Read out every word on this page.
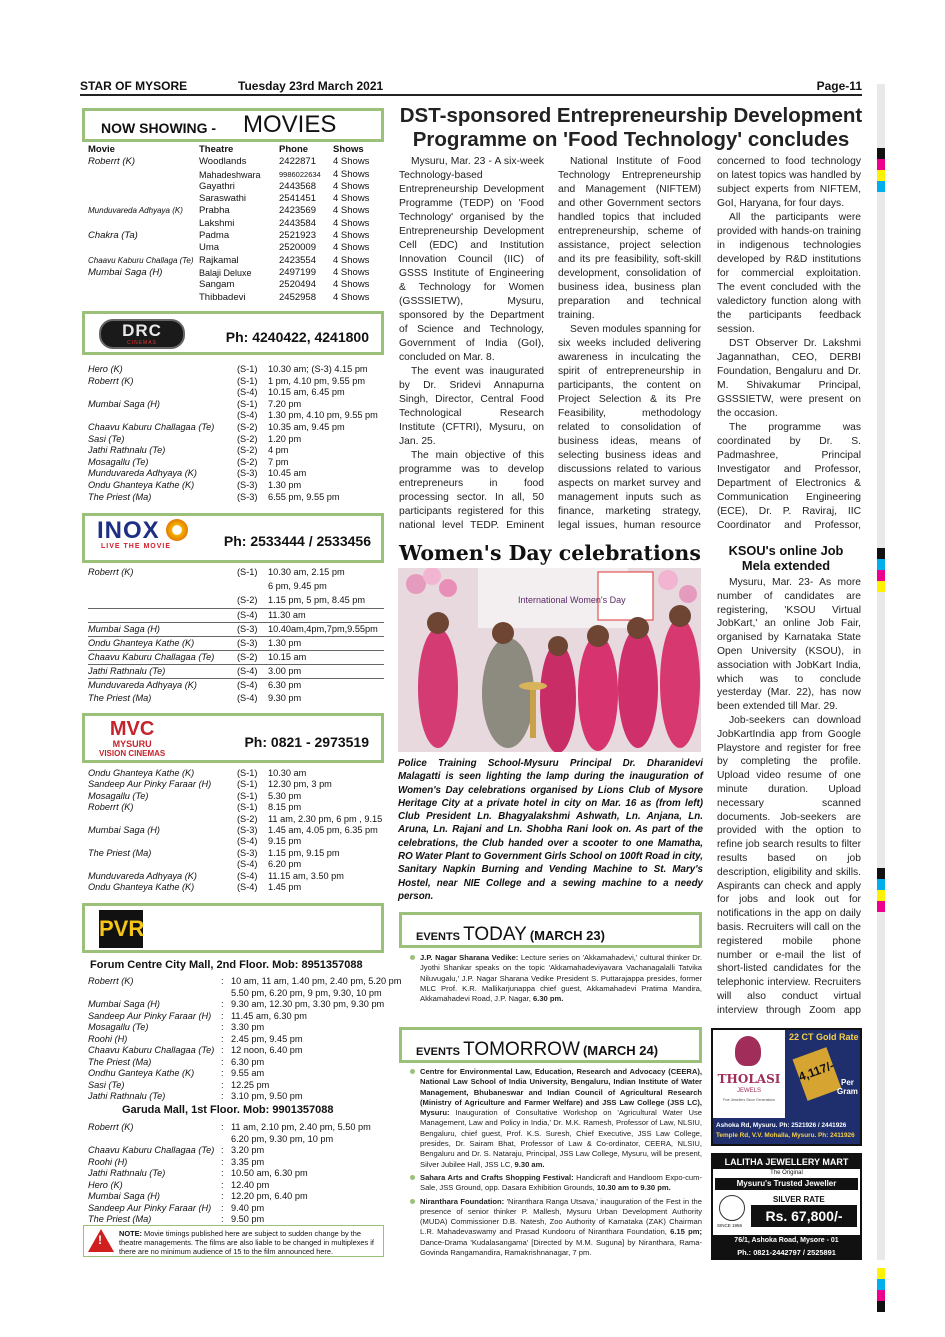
STAR OF MYSORE	Tuesday 23rd March 2021	Page-11
NOW SHOWING - MOVIES
Movie	Theatre	Phone	Shows
Roberrt (K)	Woodlands	2422871	4 Shows
	Mahadeshwara	9986022634	4 Shows
	Gayathri	2443568	4 Shows
	Saraswathi	2541451	4 Shows
Munduvareda Adhyaya (K)	Prabha	2423569	4 Shows
	Lakshmi	2443584	4 Shows
Chakra (Ta)	Padma	2521923	4 Shows
	Uma	2520009	4 Shows
Chaavu Kaburu Challaga (Te)	Rajkamal	2423554	4 Shows
Mumbai Saga (H)	Balaji Deluxe	2497199	4 Shows
	Sangam	2520494	4 Shows
	Thibbadevi	2452958	4 Shows
DRC
CINEMAS	Ph: 4240422, 4241800
Hero (K)	(S-1) 10.30 am; (S-3) 4.15 pm
Roberrt (K)	(S-1) 1 pm, 4.10 pm, 9.55 pm
(S-4) 10.15 am, 6.45 pm
Mumbai Saga (H)	(S-1) 7.20 pm
(S-4) 1.30 pm, 4.10 pm, 9.55 pm
Chaavu Kaburu Challagaa (Te) (S-2) 10.35 am, 9.45 pm
Sasi (Te)	(S-2) 1.20 pm
Jathi Rathnalu (Te)	(S-2) 4 pm
Mosagallu (Te)	(S-2) 7 pm
Munduvareda Adhyaya (K)	(S-3) 10.45 am
Ondu Ghanteya Kathe (K)	(S-3) 1.30 pm
The Priest (Ma)	(S-3) 6.55 pm, 9.55 pm
INOX
LIVE THE MOVIE	Ph: 2533444 / 2533456
Roberrt (K)	(S-1) 10.30 am, 2.15 pm
6 pm, 9.45 pm
(S-2) 1.15 pm, 5 pm, 8.45 pm
(S-4) 11.30 am
Mumbai Saga (H)	(S-3) 10.40am,4pm,7pm,9.55pm
Ondu Ghanteya Kathe (K)	(S-3) 1.30 pm
Chaavu Kaburu Challagaa (Te) (S-2) 10.15 am
Jathi Rathnalu (Te)	(S-4) 3.00 pm
Munduvareda Adhyaya (K)	(S-4) 6.30 pm
The Priest (Ma)	(S-4) 9.30 pm
MVC
MYSURU
VISION CINEMAS
Ph: 0821 - 2973519
Ondu Ghanteya Kathe (K)	(S-1) 10.30 am
Sandeep Aur Pinky Faraar (H)	(S-1) 12.30 pm, 3 pm
Mosagallu (Te)	(S-1) 5.30 pm
Roberrt (K)	(S-1) 8.15 pm
(S-2) 11 am, 2.30 pm, 6 pm , 9.15
Mumbai Saga (H)	(S-3) 1.45 am, 4.05 pm, 6.35 pm
(S-4) 9.15 pm
The Priest (Ma)	(S-3) 1.15 pm, 9.15 pm
(S-4) 6.20 pm
Munduvareda Adhyaya (K)	(S-4) 11.15 am, 3.50 pm
Ondu Ghanteya Kathe (K)	(S-4) 1.45 pm
PVR
Forum Centre City Mall, 2nd Floor. Mob: 8951357088
Roberrt (K)	: 10 am, 11 am, 1.40 pm, 2.40 pm, 5.20 pm
5.50 pm, 6.20 pm, 9 pm, 9.30, 10 pm
Mumbai Saga (H)	: 9.30 am, 12.30 pm, 3.30 pm, 9.30 pm
Sandeep Aur Pinky Faraar (H) : 11.45 am, 6.30 pm
Mosagallu (Te)	: 3.30 pm
Roohi (H)	: 2.45 pm, 9.45 pm
Chaavu Kaburu Challagaa (Te) : 12 noon, 6.40 pm
The Priest (Ma)	: 6.30 pm
Ondhu Ganteya Kathe (K)	: 9.55 am
Sasi (Te)	: 12.25 pm
Jathi Rathnalu (Te)	: 3.10 pm, 9.50 pm
Garuda Mall, 1st Floor. Mob: 9901357088
Roberrt (K)	: 11 am, 2.10 pm, 2.40 pm, 5.50 pm
6.20 pm, 9.30 pm, 10 pm
Chaavu Kaburu Challagaa (Te) : 3.20 pm
Roohi (H)	: 3.35 pm
Jathi Rathnalu (Te)	: 10.50 am, 6.30 pm
Hero (K)	: 12.40 pm
Mumbai Saga (H)	: 12.20 pm, 6.40 pm
Sandeep Aur Pinky Faraar (H) : 9.40 pm
The Priest (Ma)	: 9.50 pm
! NOTE: Movie timings published here are subject to sudden change by the theatre managements. The films are also liable to be changed in multiplexes if there are no minimum audience of 15 to the film announced here.
DST-sponsored Entrepreneurship Development
Programme on 'Food Technology' concludes

Mysuru, Mar. 23 - A six-week Technology-based Entrepreneurship Development Programme (TEDP) on 'Food Technology' organised by the Entrepreneurship Development Cell (EDC) and Institution Innovation Council (IIC) of GSSS Institute of Engineering & Technology for Women (GSSSIETW), Mysuru, sponsored by the Department of Science and Technology, Government of India (GoI), concluded on Mar. 8.

The event was inaugurated by Dr. Sridevi Annapurna Singh, Director, Central Food Technological Research Institute (CFTRI), Mysuru, on Jan. 25.

The main objective of this programme was to develop entrepreneurs in food processing sector. In all, 50 participants registered for this national level TEDP. Eminent

National Institute of Food Technology Entrepreneurship and Management (NIFTEM) and other Government sectors handled topics that included entrepreneurship, scheme of assistance, project selection and its pre feasibility, soft-skill development, consolidation of business idea, business plan preparation and technical training.

Seven modules spanning for six weeks included delivering awareness in inculcating the spirit of entrepreneurship in participants, the content on Project Selection & its Pre Feasibility, methodology related to consolidation of business ideas, means of selecting business ideas and discussions related to various aspects on market survey and management inputs such as finance, marketing strategy, legal issues, human resource

concerned to food technology on latest topics was handled by subject experts from NIFTEM, GoI, Haryana, for four days.

All the participants were provided with hands-on training in indigenous technologies developed by R&D institutions for commercial exploitation. The event concluded with the valedictory function along with the participants feedback session.

DST Observer Dr. Lakshmi Jagannathan, CEO, DERBI Foundation, Bengaluru and Dr. M. Shivakumar Principal, GSSSIETW, were present on the occasion.

The programme was coordinated by Dr. S. Padmashree, Principal Investigator and Professor, Department of Electronics & Communication Engineering (ECE), Dr. P. Raviraj, IIC Coordinator and Professor,

Women's Day celebrations
International Women's Day
Police Training School-Mysuru Principal Dr. Dharanidevi Malagatti is seen lighting the lamp during the inauguration of Women's Day celebrations organised by Lions Club of Mysore Heritage City at a private hotel in city on Mar. 16 as (from left) Club President Ln. Bhagyalakshmi Ashwath, Ln. Anjana, Ln. Aruna, Ln. Rajani and Ln. Shobha Rani look on. As part of the celebrations, the Club handed over a scooter to one Mamatha, RO Water Plant to Government Girls School on 100ft Road in city, Sanitary Napkin Burning and Vending Machine to St. Mary's Hostel, near NIE College and a sewing machine to a needy person.
KSOU's online Job
Mela extended

Mysuru, Mar. 23- As more number of candidates are registering, 'KSOU Virtual JobKart,' an online Job Fair, organised by Karnataka State Open University (KSOU), in association with JobKart India, which was to conclude yesterday (Mar. 22), has now been extended till Mar. 29.

Job-seekers can download JobKartIndia app from Google Playstore and register for free by completing the profile. Upload video resume of one minute duration. Upload necessary scanned documents. Job-seekers are provided with the option to refine job search results to filter results based on job description, eligibility and skills. Aspirants can check and apply for jobs and look out for notifications in the app on daily basis. Recruiters will call on the registered mobile phone number or e-mail the list of short-listed candidates for the telephonic interview. Recruiters will also conduct virtual interview through Zoom app

EVENTS TODAY (MARCH 23)
J.P. Nagar Sharana Vedike: Lecture series on 'Akkamahadevi,' cultural thinker Dr. Jyothi Shankar speaks on the topic 'Akkamahadeviyavara Vachanagalalli Tatvika Niluvugalu,' J.P. Nagar Sharana Vedike President S. Puttarajappa presides, former MLC Prof. K.R. Mallikarjunappa chief guest, Akkamahadevi Pratima Mandira, Akkamahadevi Road, J.P. Nagar, 6.30 pm.
EVENTS TOMORROW (MARCH 24)
Centre for Environmental Law, Education, Research and Advocacy (CEERA), National Law School of India University, Bengaluru, Indian Institute of Water Management, Bhubaneswar and Indian Council of Agricultural Research (Ministry of Agriculture and Farmer Welfare) and JSS Law College (JSS LC), Mysuru: Inauguration of Consultative Workshop on 'Agricultural Water Use Management, Law and Policy in India,' Dr. M.K. Ramesh, Professor of Law, NLSIU, Bengaluru, chief guest, Prof. K.S. Suresh, Chief Executive, JSS Law College, presides, Dr. Sairam Bhat, Professor of Law & Co-ordinator, CEERA, NLSIU, Bengaluru and Dr. S. Nataraju, Principal, JSS Law College, Mysuru, will be present, Silver Jubilee Hall, JSS LC, 9.30 am.
Sahara Arts and Crafts Shopping Festival: Handicraft and Handloom Expo-cum-Sale, JSS Ground, opp. Dasara Exhibition Grounds, 10.30 am to 9.30 pm.
Niranthara Foundation: 'Niranthara Ranga Utsava,' inauguration of the Fest in the presence of senior thinker P. Mallesh, Mysuru Urban Development Authority (MUDA) Commissioner D.B. Natesh, Zoo Authority of Karnataka (ZAK) Chairman L.R. Mahadevaswamy and Prasad Kundooru of Niranthara Foundation, 6.15 pm; Dance-Drama 'Kudalasangama' [Directed by M.M. Suguna] by Niranthara, Rama-Govinda Rangamandira, Ramakrishnanagar, 7 pm.
THOLASI
JEWELS
Fine Jewellers Since Generations
22 CT Gold Rate
4,117/- Per
Gram
Ashoka Rd, Mysuru. Ph: 2521926 / 2441926
Temple Rd, V.V. Mohalla, Mysuru. Ph: 2411926
LALITHA JEWELLERY MART
The Original
Mysuru's Trusted Jeweller
SINCE 1956
SILVER RATE
Rs. 67,800/-
76/1, Ashoka Road, Mysore - 01
Ph.: 0821-2442797 / 2525891
